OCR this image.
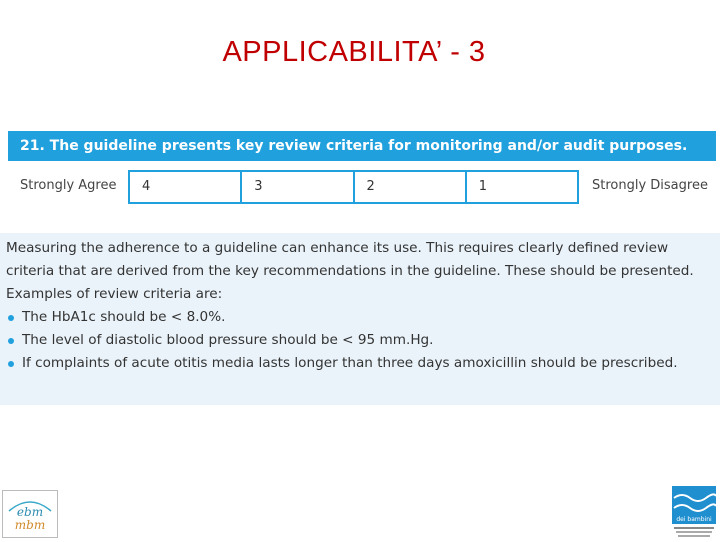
APPLICABILITA’ - 3
21. The guideline presents key review criteria for monitoring and/or audit purposes.
Strongly Agree	4	3	2	1	Strongly Disagree

Measuring the adherence to a guideline can enhance its use. This requires clearly defined review

criteria that are derived from the key recommendations in the guideline. These should be presented.

Examples of review criteria are:

The HbA1c should be < 8.0%.
The level of diastolic blood pressure should be < 95 mm.Hg.
If complaints of acute otitis media lasts longer than three days amoxicillin should be prescribed.
ebm
mbm	dei bambini
